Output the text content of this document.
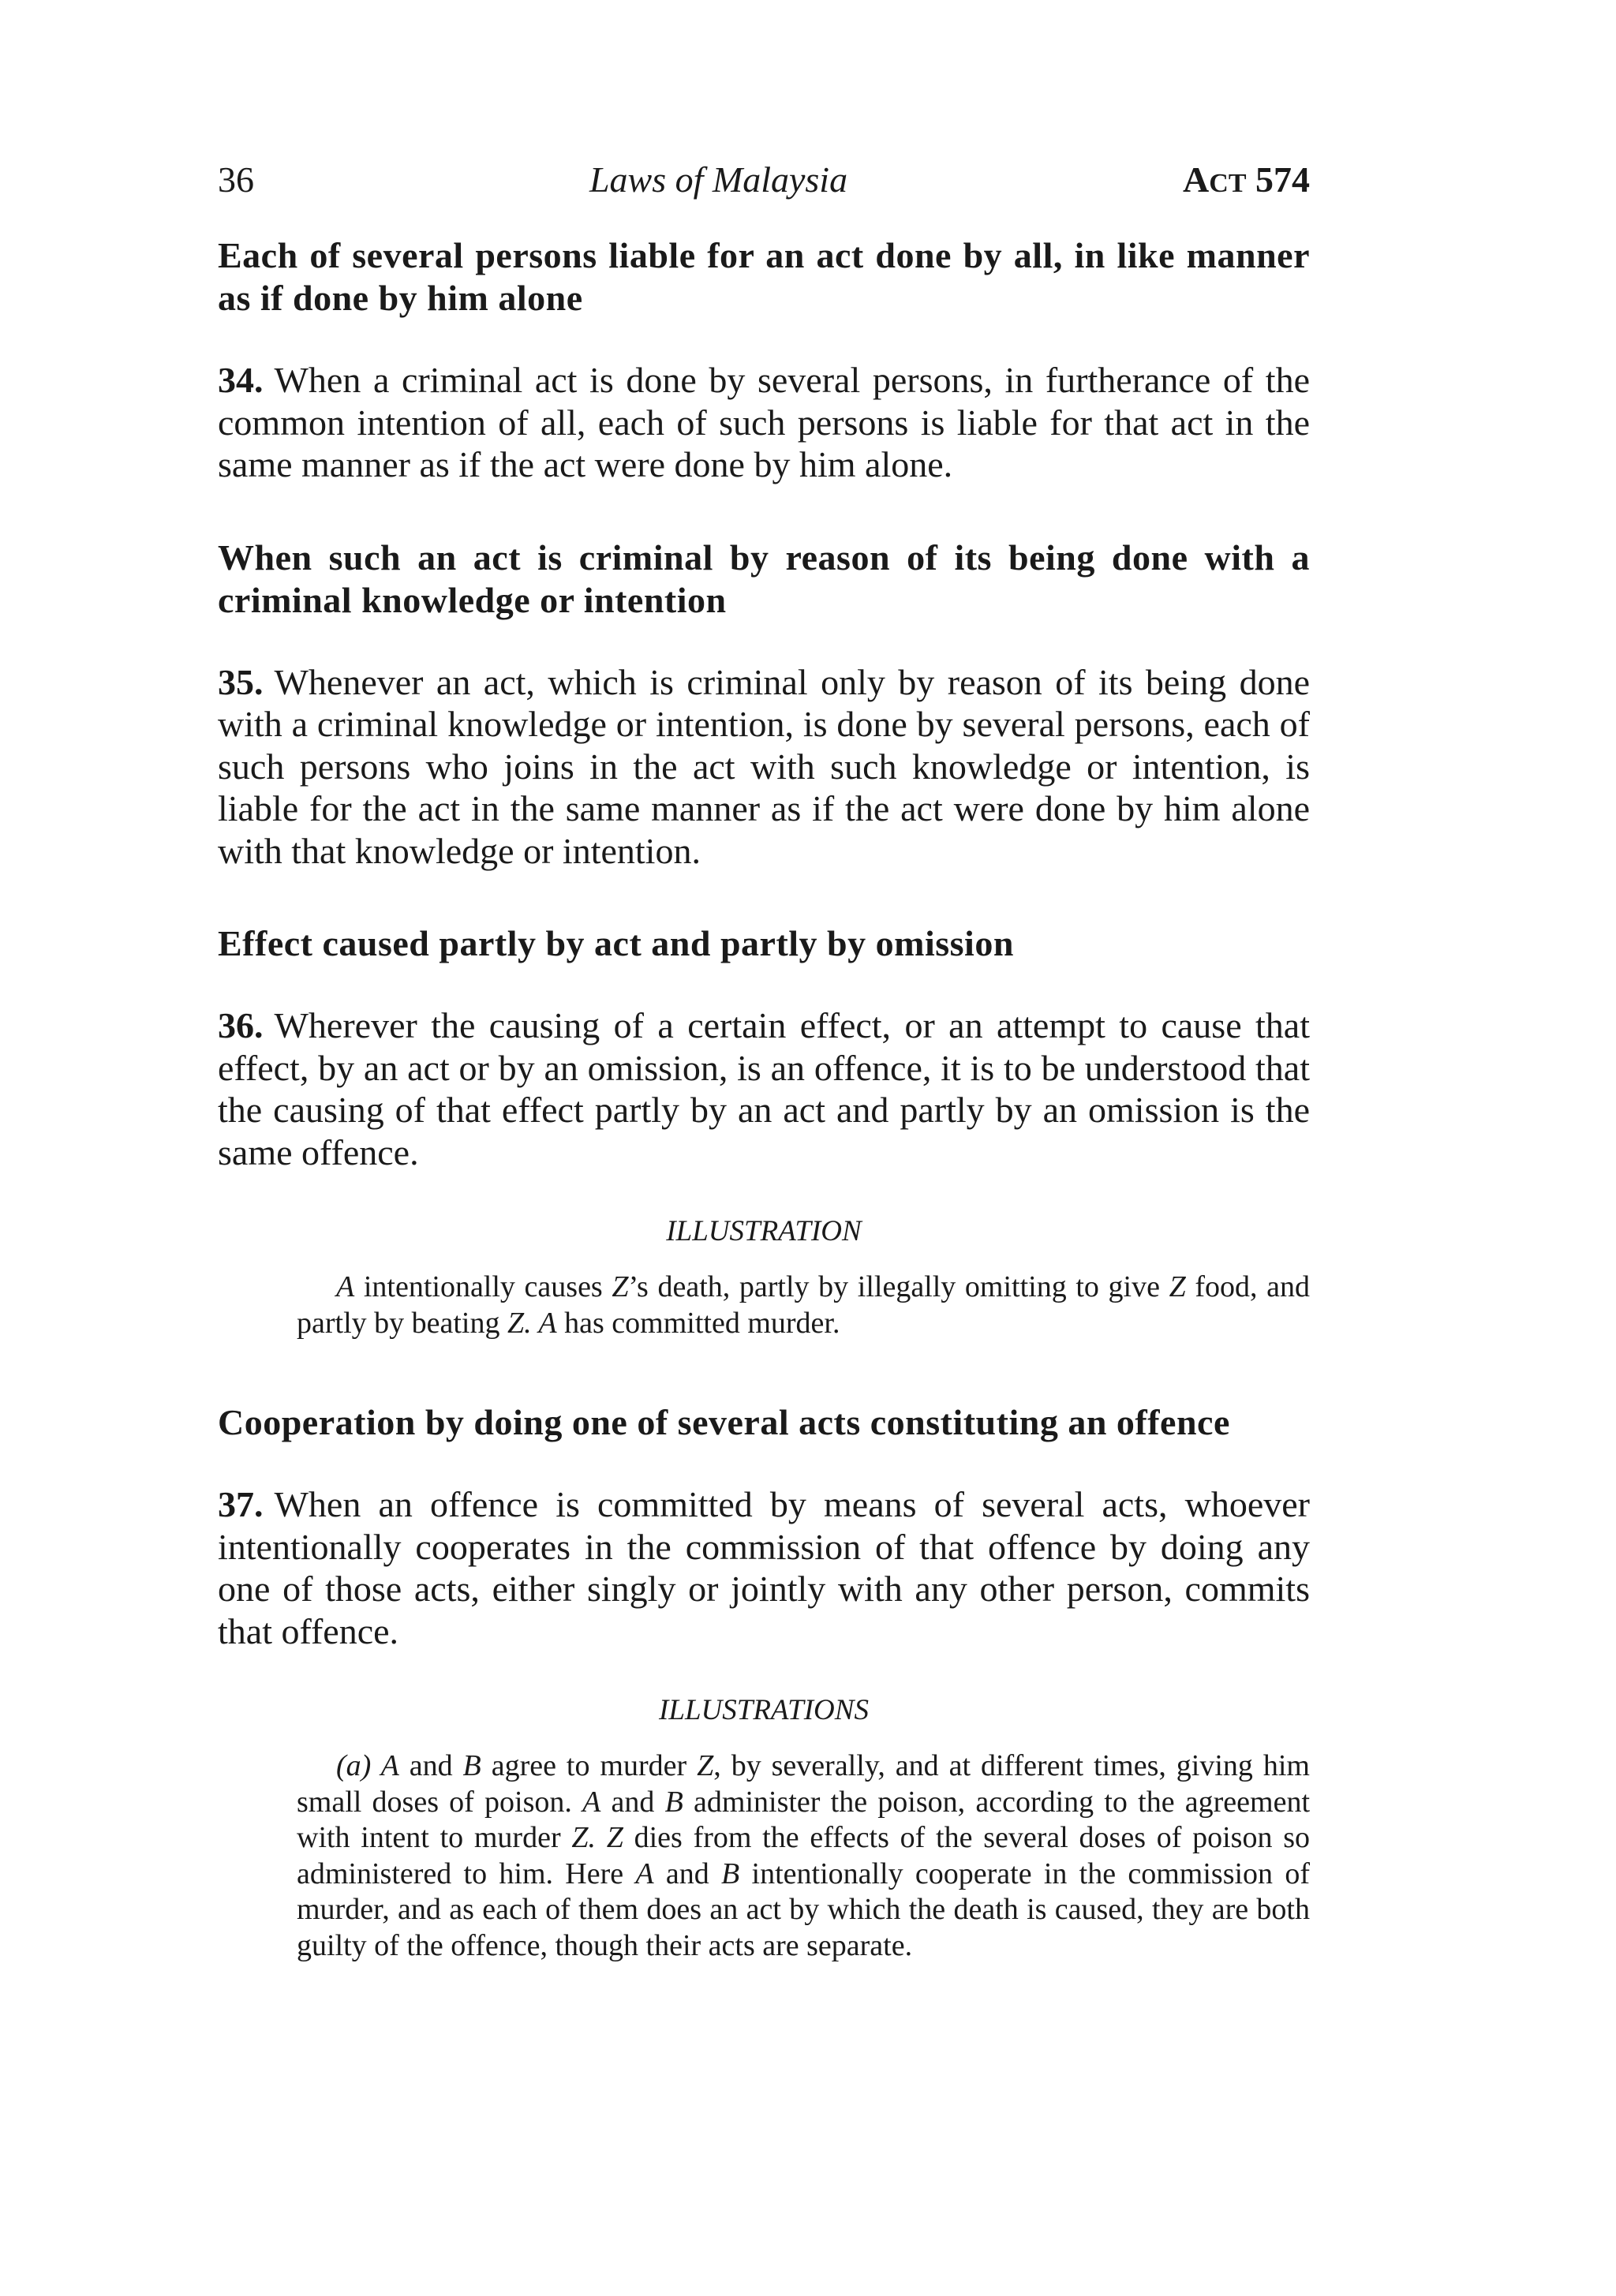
36	Laws of Malaysia	ACT 574
Each of several persons liable for an act done by all, in like manner as if done by him alone

34. When a criminal act is done by several persons, in furtherance of the common intention of all, each of such persons is liable for that act in the same manner as if the act were done by him alone.

When such an act is criminal by reason of its being done with a criminal knowledge or intention

35. Whenever an act, which is criminal only by reason of its being done with a criminal knowledge or intention, is done by several persons, each of such persons who joins in the act with such knowledge or intention, is liable for the act in the same manner as if the act were done by him alone with that knowledge or intention.

Effect caused partly by act and partly by omission

36. Wherever the causing of a certain effect, or an attempt to cause that effect, by an act or by an omission, is an offence, it is to be understood that the causing of that effect partly by an act and partly by an omission is the same offence.

ILLUSTRATION

A intentionally causes Z’s death, partly by illegally omitting to give Z food, and partly by beating Z. A has committed murder.

Cooperation by doing one of several acts constituting an offence

37. When an offence is committed by means of several acts, whoever intentionally cooperates in the commission of that offence by doing any one of those acts, either singly or jointly with any other person, commits that offence.

ILLUSTRATIONS

(a) A and B agree to murder Z, by severally, and at different times, giving him small doses of poison. A and B administer the poison, according to the agreement with intent to murder Z. Z dies from the effects of the several doses of poison so administered to him. Here A and B intentionally cooperate in the commission of murder, and as each of them does an act by which the death is caused, they are both guilty of the offence, though their acts are separate.
